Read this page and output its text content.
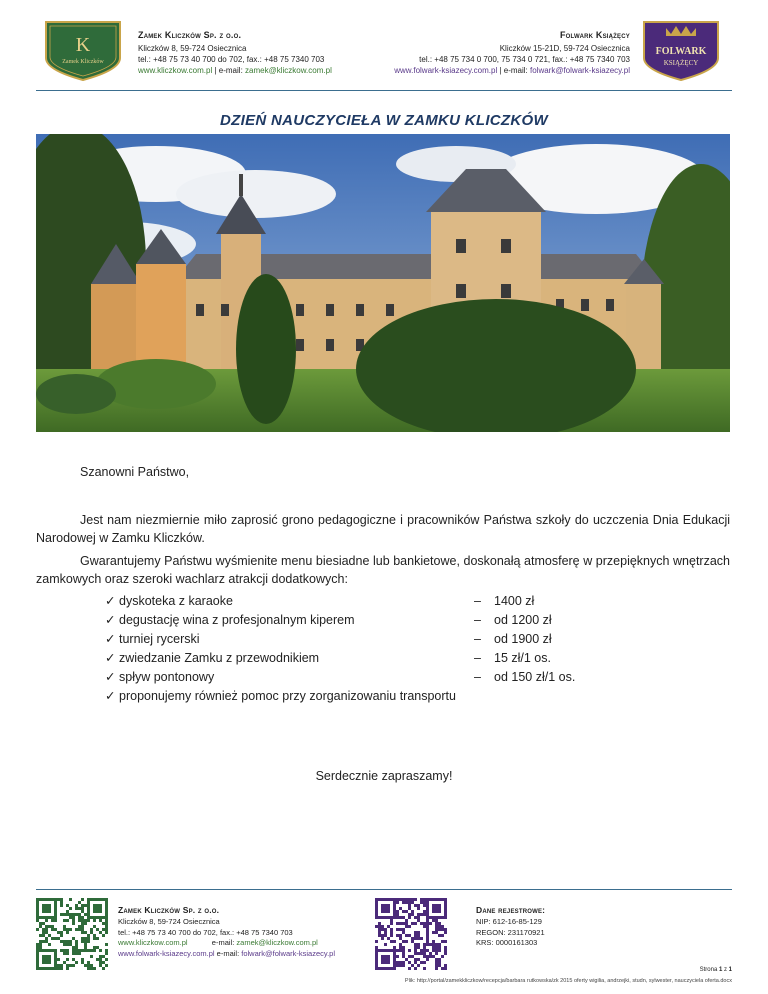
K
Zamek Kliczków
Zamek Kliczków Sp. z o.o.
Kliczków 8, 59-724 Osiecznica
tel.: +48 75 73 40 700 do 702, fax.: +48 75 7340 703
www.kliczkow.com.pl | e-mail: zamek@kliczkow.com.pl
Folwark Książęcy
Kliczków 15-21D, 59-724 Osiecznica
tel.: +48 75 734 0 700, 75 734 0 721, fax.: +48 75 7340 703
www.folwark-ksiazecy.com.pl | e-mail: folwark@folwark-ksiazecy.pl
FOLWARK
KSIĄŻĘCY
DZIEŃ NAUCZYCIEŁA W ZAMKU KLICZKÓW
Szanowni Państwo,
Jest nam niezmiernie miło zaprosić grono pedagogiczne i pracowników Państwa szkoły do uczczenia Dnia Edukacji Narodowej w Zamku Kliczków.
Gwarantujemy Państwu wyśmienite menu biesiadne lub bankietowe, doskonałą atmosferę w przepięknych wnętrzach zamkowych oraz szeroki wachlarz atrakcji dodatkowych:
✓ dyskoteka z karaoke	– 1400 zł
✓ degustację wina z profesjonalnym kiperem	– od 1200 zł
✓ turniej rycerski	– od 1900 zł
✓ zwiedzanie Zamku z przewodnikiem	– 15 zł/1 os.
✓ spływ pontonowy	– od 150 zł/1 os.
✓ proponujemy również pomoc przy zorganizowaniu transportu
Serdecznie zapraszamy!
Zamek Kliczków Sp. z o.o.
Kliczków 8, 59-724 Osiecznica
tel.: +48 75 73 40 700 do 702, fax.: +48 75 7340 703
www.kliczkow.com.pl	e-mail: zamek@kliczkow.com.pl
www.folwark-ksiazecy.com.pl e-mail: folwark@folwark-ksiazecy.pl
Dane rejestrowe:
NIP: 612-16-85-129
REGON: 231170921
KRS: 0000161303
Strona 1 z 1
Plik: http://portal/zamekkliczkow/recepcja/barbara rutkowska/zk 2015 oferty wigilia, andrzejki, studn, sylwester, nauczyciela oferta.docx
